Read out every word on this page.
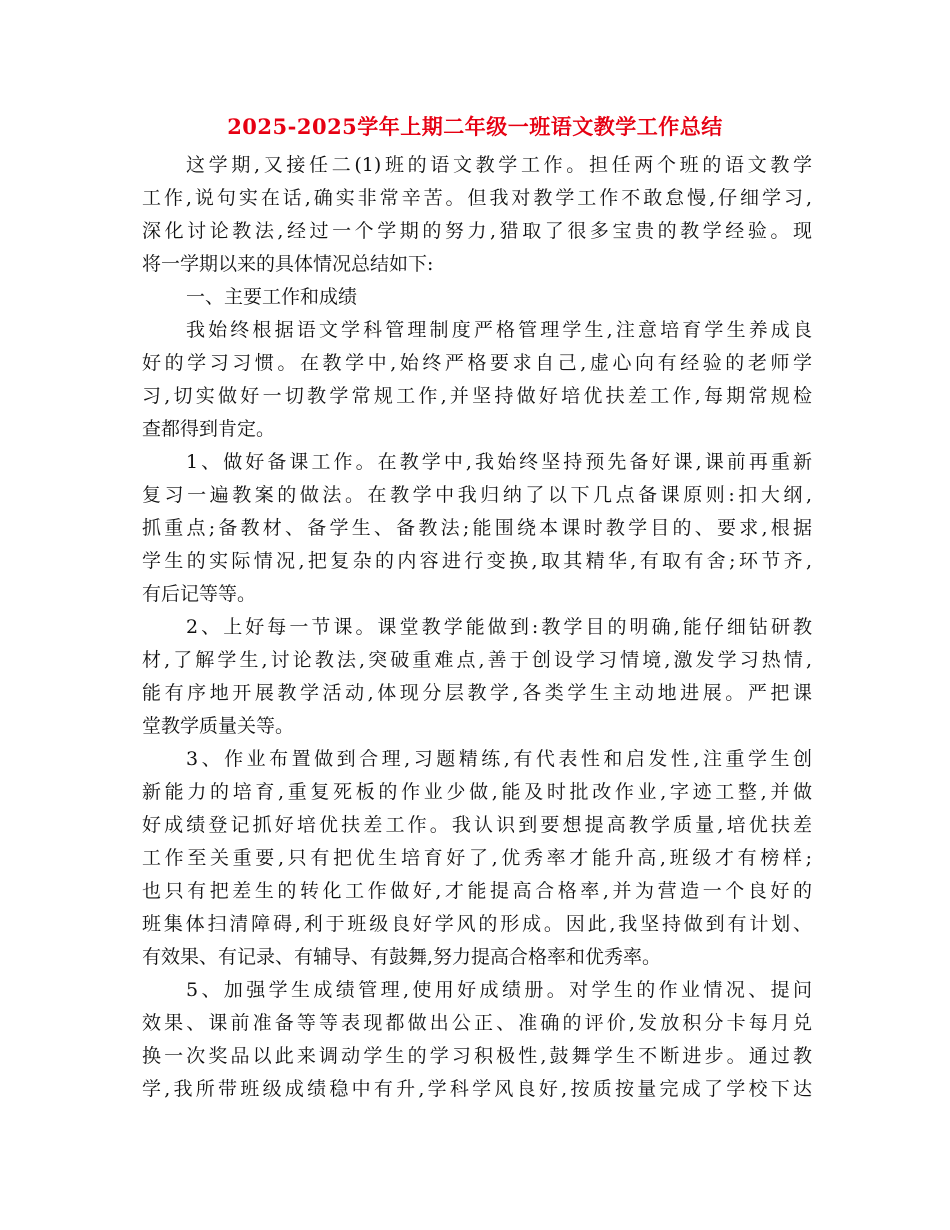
2025-2025学年上期二年级一班语文教学工作总结
这学期,又接任二(1)班的语文教学工作。担任两个班的语文教学
工作,说句实在话,确实非常辛苦。但我对教学工作不敢怠慢,仔细学习,
深化讨论教法,经过一个学期的努力,猎取了很多宝贵的教学经验。现
将一学期以来的具体情况总结如下:
一、主要工作和成绩
我始终根据语文学科管理制度严格管理学生,注意培育学生养成良
好的学习习惯。在教学中,始终严格要求自己,虚心向有经验的老师学
习,切实做好一切教学常规工作,并坚持做好培优扶差工作,每期常规检
查都得到肯定。
1、做好备课工作。在教学中,我始终坚持预先备好课,课前再重新
复习一遍教案的做法。在教学中我归纳了以下几点备课原则:扣大纲,
抓重点;备教材、备学生、备教法;能围绕本课时教学目的、要求,根据
学生的实际情况,把复杂的内容进行变换,取其精华,有取有舍;环节齐,
有后记等等。
2、上好每一节课。课堂教学能做到:教学目的明确,能仔细钻研教
材,了解学生,讨论教法,突破重难点,善于创设学习情境,激发学习热情,
能有序地开展教学活动,体现分层教学,各类学生主动地进展。严把课
堂教学质量关等。
3、作业布置做到合理,习题精练,有代表性和启发性,注重学生创
新能力的培育,重复死板的作业少做,能及时批改作业,字迹工整,并做
好成绩登记抓好培优扶差工作。我认识到要想提高教学质量,培优扶差
工作至关重要,只有把优生培育好了,优秀率才能升高,班级才有榜样;
也只有把差生的转化工作做好,才能提高合格率,并为营造一个良好的
班集体扫清障碍,利于班级良好学风的形成。因此,我坚持做到有计划、
有效果、有记录、有辅导、有鼓舞,努力提高合格率和优秀率。
5、加强学生成绩管理,使用好成绩册。对学生的作业情况、提问
效果、课前准备等等表现都做出公正、准确的评价,发放积分卡每月兑
换一次奖品以此来调动学生的学习积极性,鼓舞学生不断进步。通过教
学,我所带班级成绩稳中有升,学科学风良好,按质按量完成了学校下达
